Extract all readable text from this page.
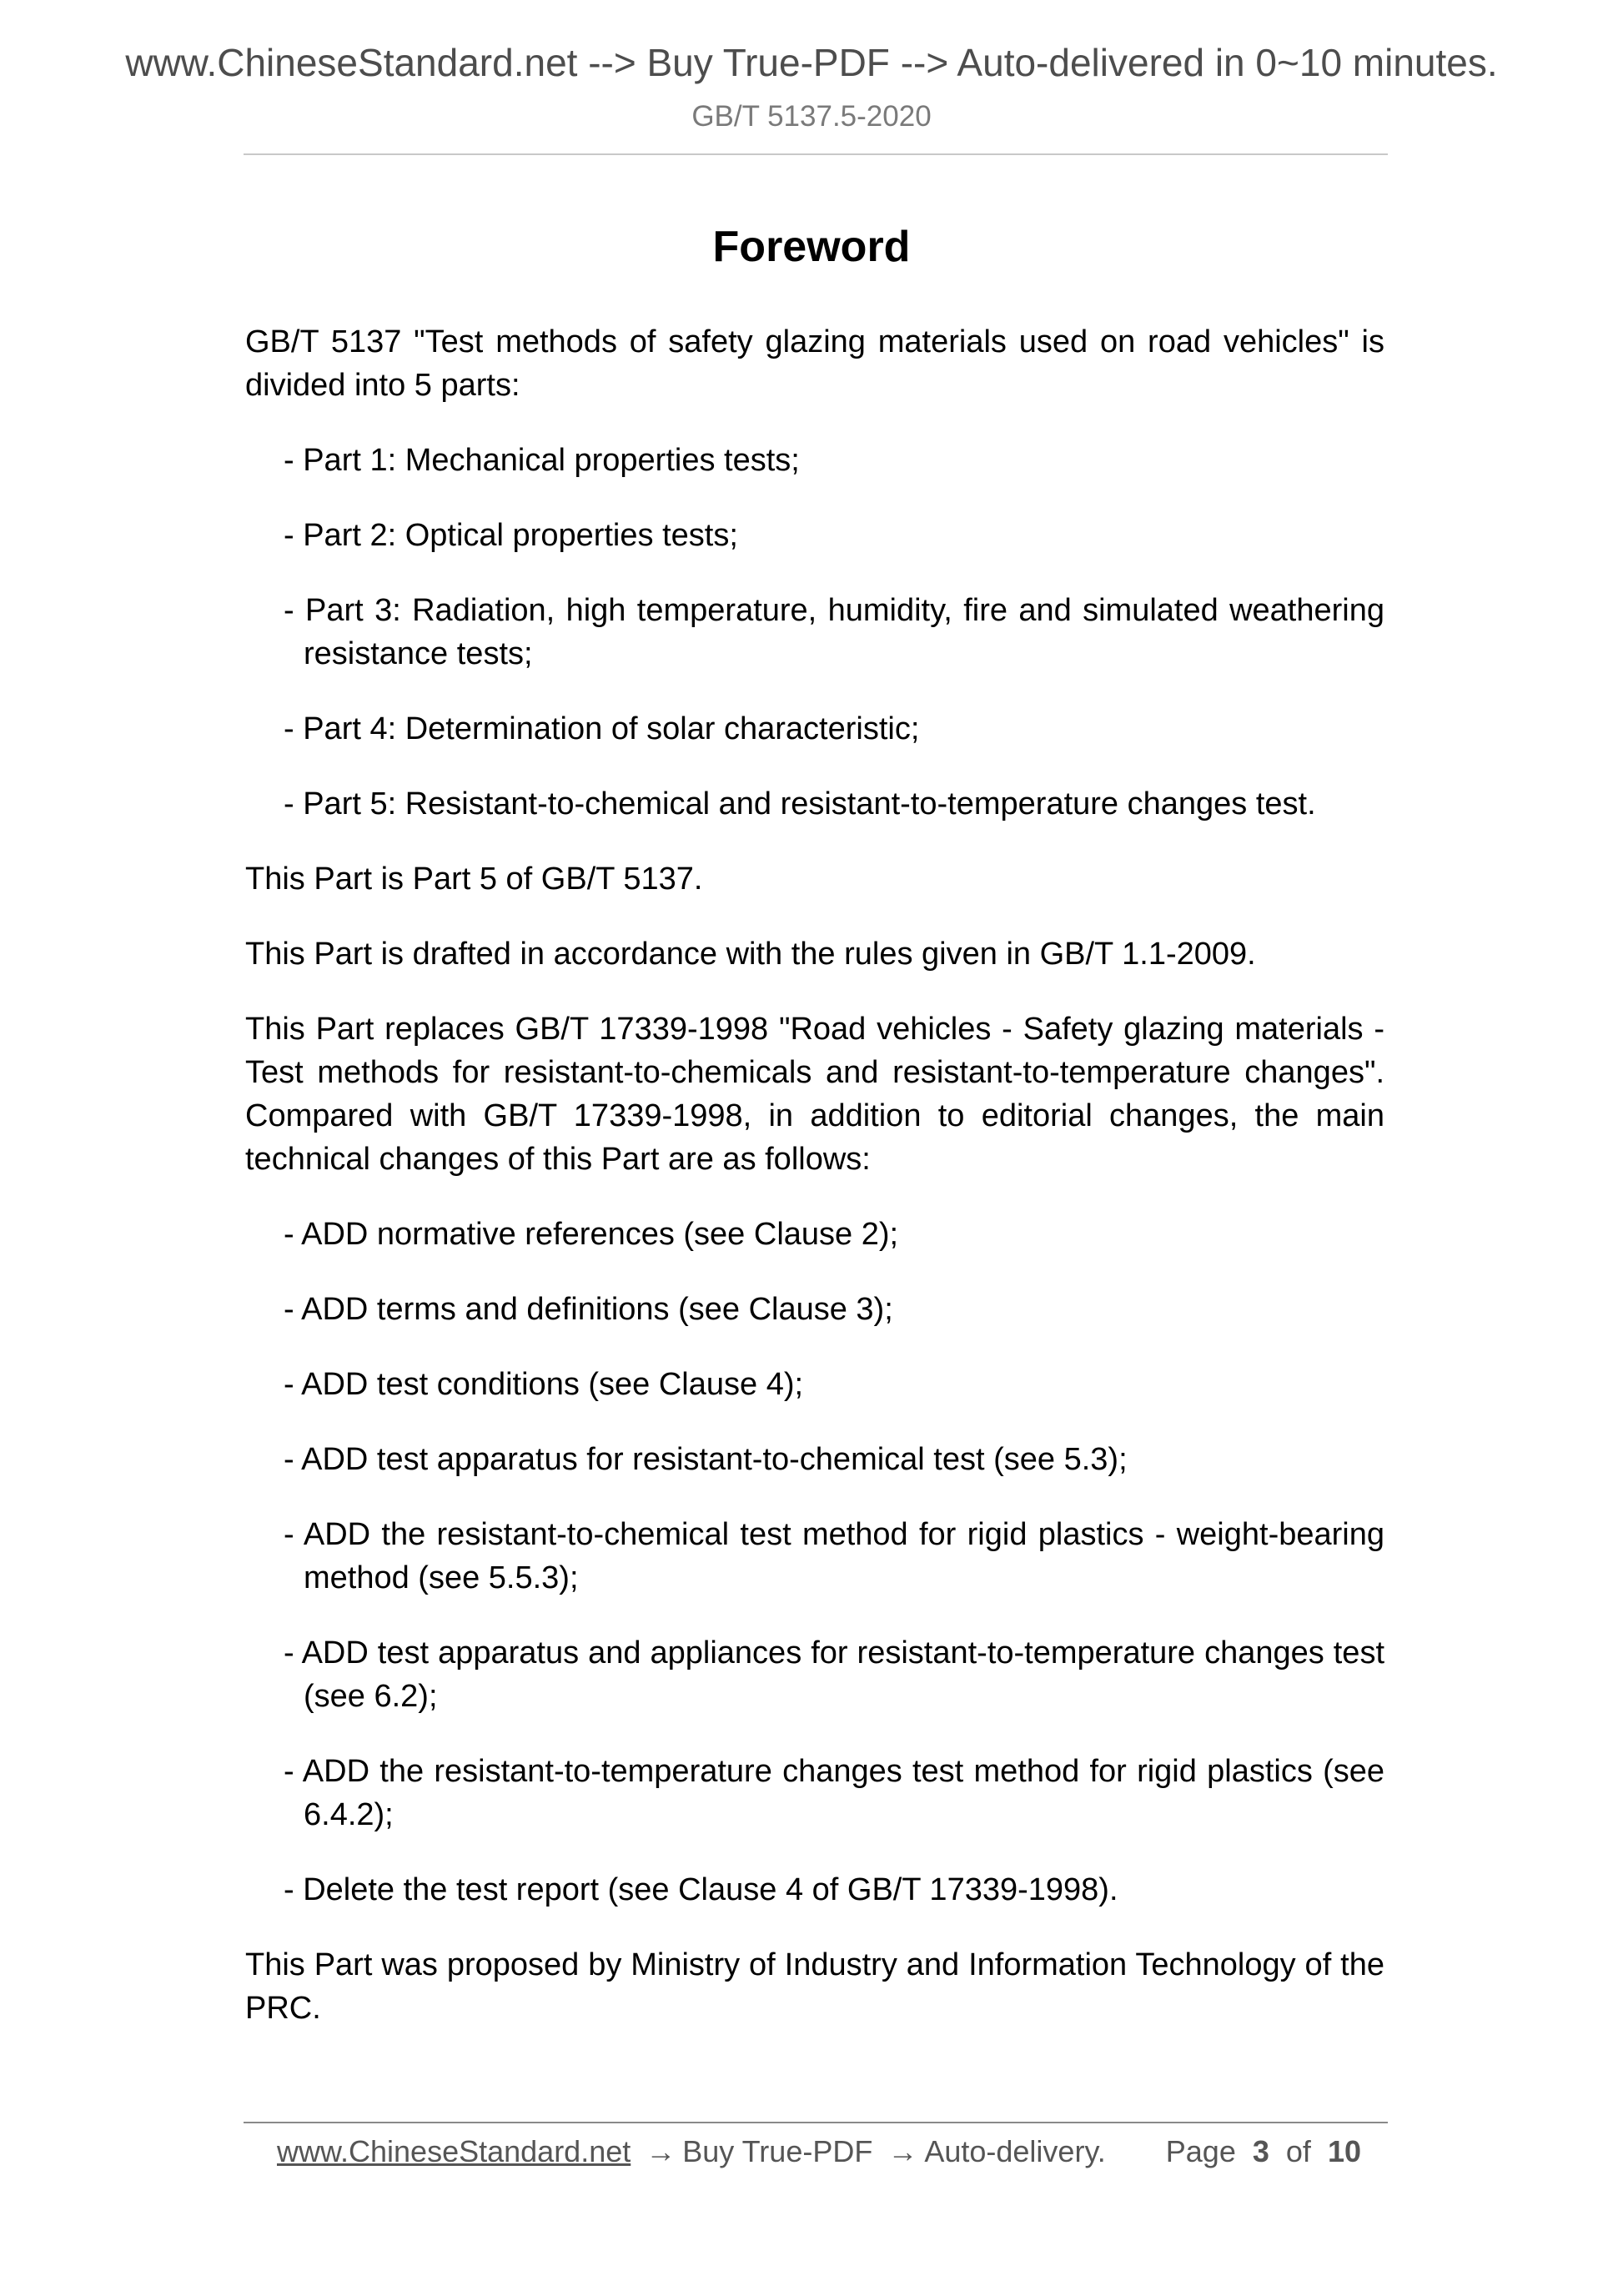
www.ChineseStandard.net --> Buy True-PDF --> Auto-delivered in 0~10 minutes.
GB/T 5137.5-2020
Foreword

GB/T 5137 "Test methods of safety glazing materials used on road vehicles" is divided into 5 parts:

- Part 1: Mechanical properties tests;
- Part 2: Optical properties tests;
- Part 3: Radiation, high temperature, humidity, fire and simulated weathering resistance tests;
- Part 4: Determination of solar characteristic;
- Part 5: Resistant-to-chemical and resistant-to-temperature changes test.

This Part is Part 5 of GB/T 5137.

This Part is drafted in accordance with the rules given in GB/T 1.1-2009.

This Part replaces GB/T 17339-1998 "Road vehicles - Safety glazing materials - Test methods for resistant-to-chemicals and resistant-to-temperature changes". Compared with GB/T 17339-1998, in addition to editorial changes, the main technical changes of this Part are as follows:

- ADD normative references (see Clause 2);
- ADD terms and definitions (see Clause 3);
- ADD test conditions (see Clause 4);
- ADD test apparatus for resistant-to-chemical test (see 5.3);
- ADD the resistant-to-chemical test method for rigid plastics - weight-bearing method (see 5.5.3);
- ADD test apparatus and appliances for resistant-to-temperature changes test (see 6.2);
- ADD the resistant-to-temperature changes test method for rigid plastics (see 6.4.2);
- Delete the test report (see Clause 4 of GB/T 17339-1998).

This Part was proposed by Ministry of Industry and Information Technology of the PRC.

www.ChineseStandard.net → Buy True-PDF → Auto-delivery. Page 3 of 10
